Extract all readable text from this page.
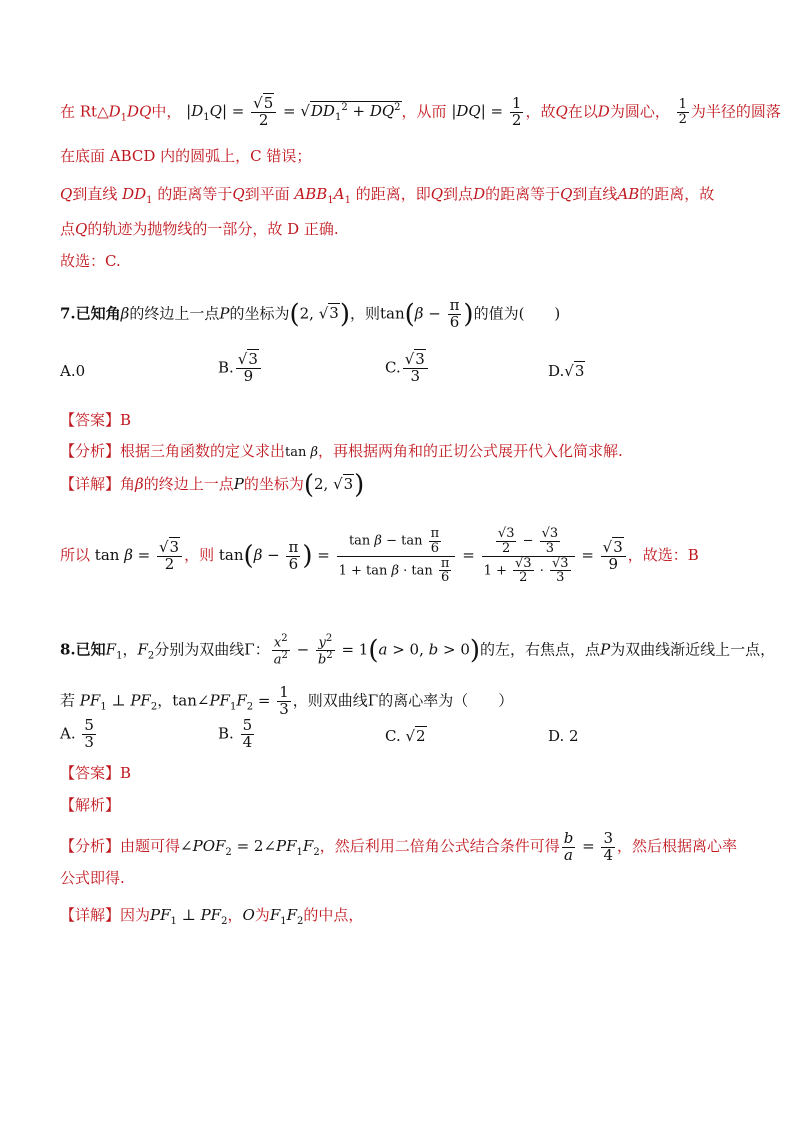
在 $Rt\triangle D_1DQ$中， $|D_1Q| = \frac{√5}{2} = √DD_1^2 + DQ^2$，从而 $|DQ| = \frac{1}{2}$ ，故Q在以D为圆心， $\frac{1}{2}$ 为半径的圆落
在底面 ABCD 内的圆弧上，C 错误；
Q到直线 $DD_1$ 的距离等于Q到平面 $ABB_1A_1$ 的距离，即Q到点D的距离等于Q到直线AB的距离，故
点Q的轨迹为抛物线的一部分，故 D 正确.
故选：C.
7.已知角β的终边上一点P的坐标为(2, √3)，则$\tan(\beta - \frac{\pi}{6}$ )的值为(　　)
A.0	B. $\frac{√3}{9}$	C. $\frac{√3}{3}$	D.√3
【答案】B
【分析】根据三角函数的定义求出tan β，再根据两角和的正切公式展开代入化简求解.
【详解】角β的终边上一点P的坐标为(2, √3)
所以 $\tan \beta = \frac{√3}{2}$ ，则 $\tan(\beta - \frac{\pi}{6}$ ) = $\frac{\tan \beta - \tan \frac{\pi}{6}}{1 + \tan \beta \cdot \tan \frac{\pi}{6}} = \frac{\frac{√3}{2} - \frac{√3}{3}}{1 + \frac{√3}{2} \cdot \frac{√3}{3}} = \frac{√3}{9}$ ，故选：B
8.已知$F_1$，$F_2$分别为双曲线Γ： $\frac{x^2}{a^2} - \frac{y^2}{b^2} = 1(a > 0$, b > 0)的左，右焦点，点P为双曲线渐近线上一点，
若 $PF_1$ ⊥ $PF_2$，$\tan\angle PF_1F_2 = \frac{1}{3}$ ，则双曲线Γ的离心率为（　　）
A. $\frac{5}{3}$	B. $\frac{5}{4}$	C. √2	D. 2
【答案】B
【解析】
【分析】由题可得$\angle POF_2$ = $2\angle PF_1F_2$，然后利用二倍角公式结合条件可得 $\frac{b}{a} = \frac{3}{4}$ ，然后根据离心率
公式即得.
【详解】因为$PF_1$ ⊥ $PF_2$，O为$F_1F_2$的中点，
